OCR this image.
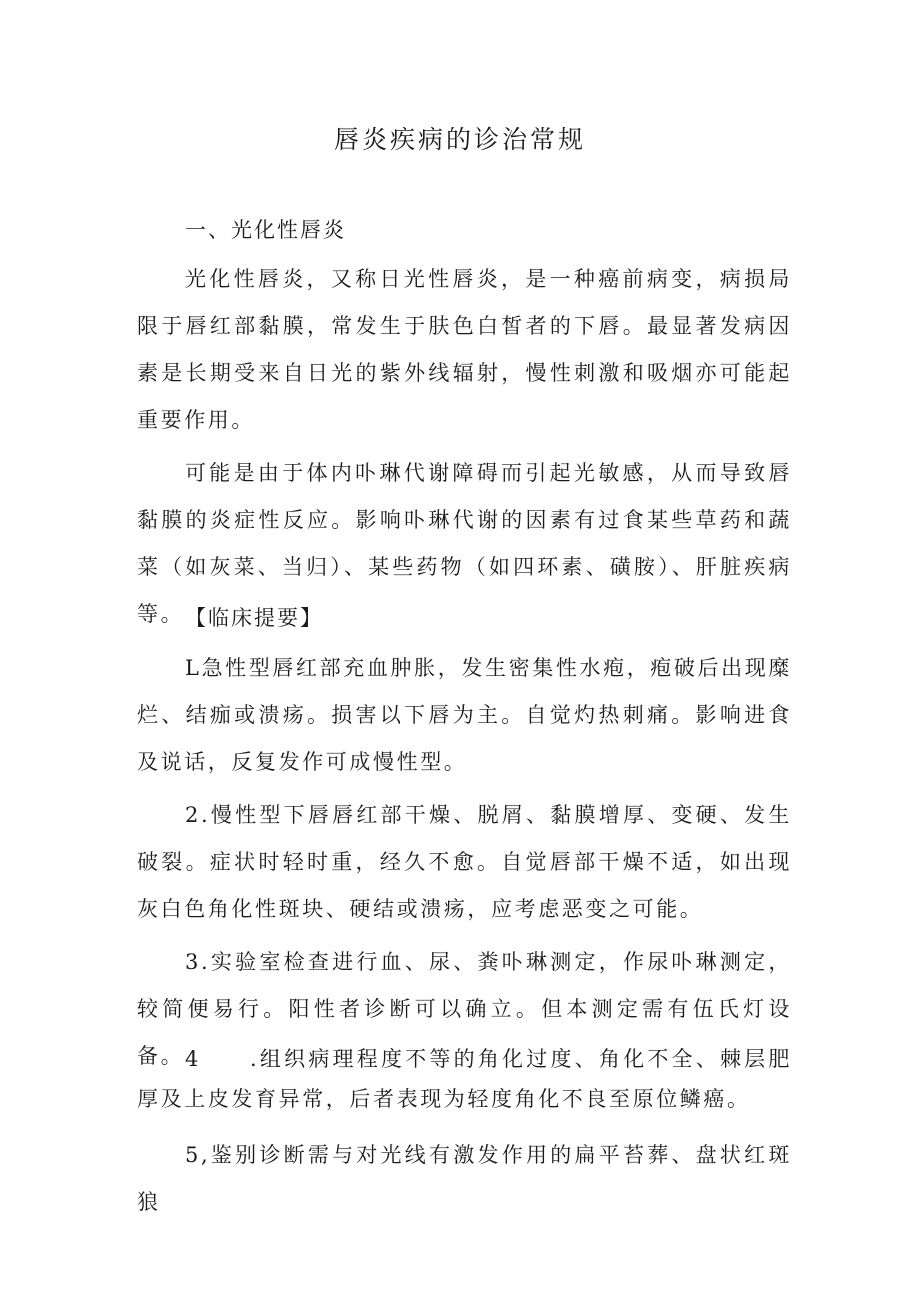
唇炎疾病的诊治常规
一、光化性唇炎

光化性唇炎，又称日光性唇炎，是一种癌前病变，病损局限于唇红部黏膜，常发生于肤色白皙者的下唇。最显著发病因素是长期受来自日光的紫外线辐射，慢性刺激和吸烟亦可能起重要作用。

可能是由于体内卟琳代谢障碍而引起光敏感，从而导致唇黏膜的炎症性反应。影响卟琳代谢的因素有过食某些草药和蔬菜（如灰菜、当归）、某些药物（如四环素、磺胺）、肝脏疾病等。 【临床提要】

L急性型唇红部充血肿胀，发生密集性水疱，疱破后出现糜烂、结痂或溃疡。损害以下唇为主。自觉灼热刺痛。影响进食及说话，反复发作可成慢性型。

2.慢性型下唇唇红部干燥、脱屑、黏膜增厚、变硬、发生破裂。症状时轻时重，经久不愈。自觉唇部干燥不适，如出现灰白色角化性斑块、硬结或溃疡，应考虑恶变之可能。

3.实验室检查进行血、尿、粪卟琳测定，作尿卟琳测定，较简便易行。阳性者诊断可以确立。但本测定需有伍氏灯设备。 4　　.组织病理程度不等的角化过度、角化不全、棘层肥厚及上皮发育异常，后者表现为轻度角化不良至原位鳞癌。

5,鉴别诊断需与对光线有激发作用的扁平苔葬、盘状红斑狼
